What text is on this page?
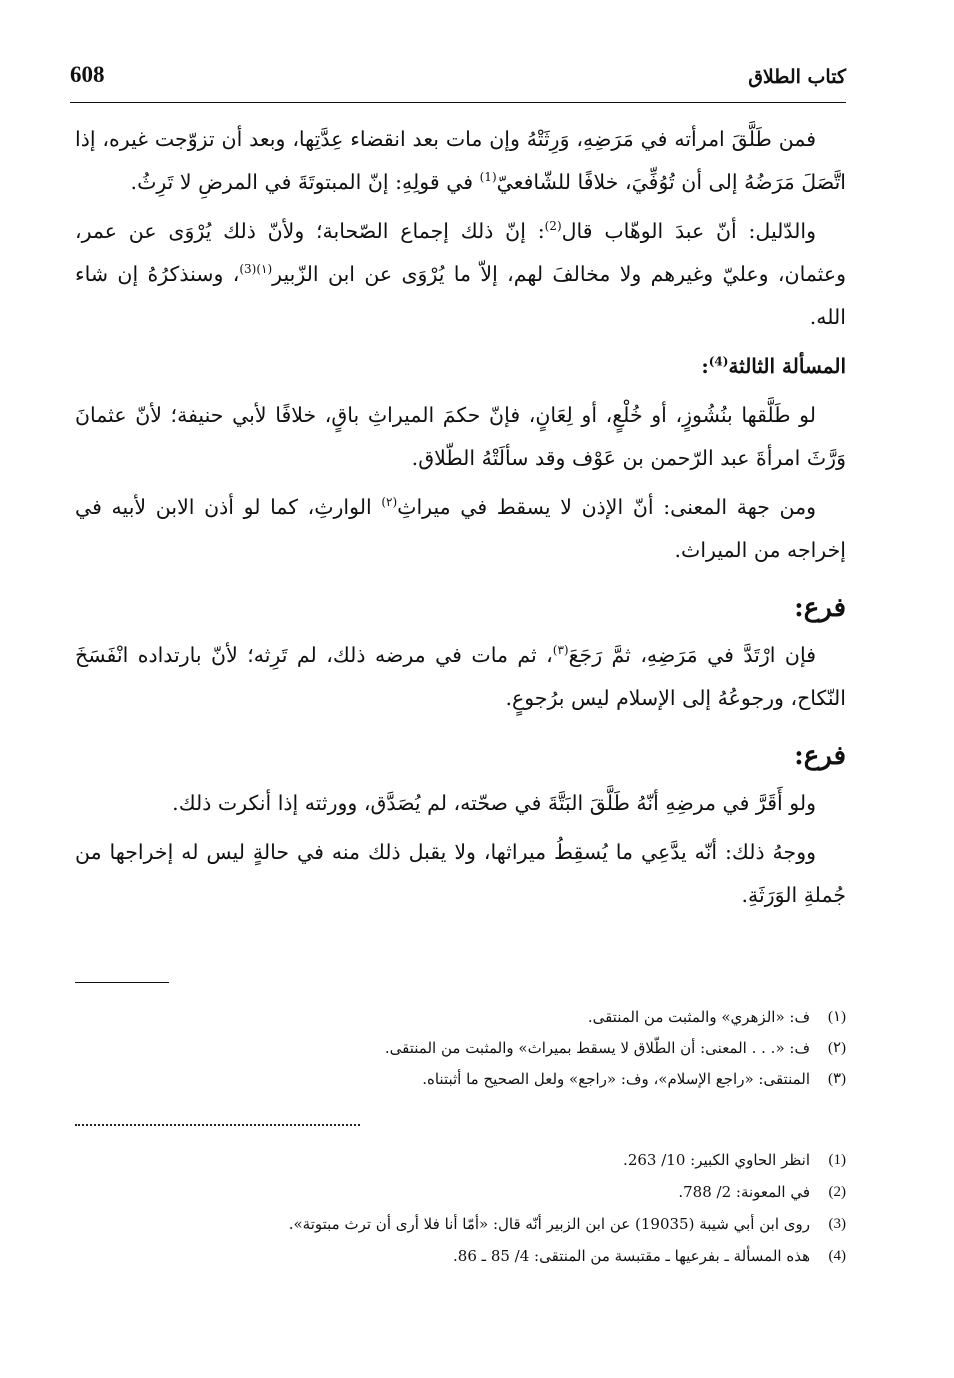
608	كتاب الطلاق

فمن طَلَّقَ امرأته في مَرَضِهِ، وَرِثَتْهُ وإن مات بعد انقضاء عِدَّتِها، وبعد أن تزوّجت غيره، إذا اتَّصَلَ مَرَضُهُ إلى أن تُوُفِّيَ، خلافًا للشّافعيّ$^{(1)}$ في قولِهِ: إنّ المبتوتَةَ في المرضِ لا تَرِثُ.

والدّليل: أنّ عبدَ الوهّاب قال$^{(2)}$: إنّ ذلك إجماع الصّحابة؛ ولأنّ ذلك يُرْوَى عن عمر، وعثمان، وعليّ وغيرهم ولا مخالفَ لهم، إلاّ ما يُرْوَى عن ابن الزّبير$^{(١)(3)}$، وسنذكرُهُ إن شاء الله.

المسألة الثالثة$^{(4)}$:

لو طَلَّقها بنُشُوزٍ، أو خُلْعٍ، أو لِعَانٍ، فإنّ حكمَ الميراثِ باقٍ، خلافًا لأبي حنيفة؛ لأنّ عثمانَ وَرَّثَ امرأةَ عبد الرّحمن بن عَوْف وقد سألَتْهُ الطّلاق.

ومن جهة المعنى: أنّ الإذن لا يسقط في ميراثِ$^{(٢)}$ الوارثِ، كما لو أذن الابن لأبيه في إخراجه من الميراث.

فرع:

فإن ارْتَدَّ في مَرَضِهِ، ثمَّ رَجَعَ$^{(٣)}$، ثم مات في مرضه ذلك، لم تَرِثه؛ لأنّ بارتداده انْفَسَخَ النّكاح، ورجوعُهُ إلى الإسلام ليس برُجوعٍ.

فرع:

ولو أَقَرَّ في مرضِهِ أنّهُ طَلَّقَ البَتَّةَ في صحّته، لم يُصَدَّق، وورثته إذا أنكرت ذلك.

ووجهُ ذلك: أنّه يدَّعِي ما يُسقِطُ ميراثها، ولا يقبل ذلك منه في حالةٍ ليس له إخراجها من جُملةِ الوَرَثَةِ.

(١)
ف: «الزهري» والمثبت من المنتقى.
(٢)
ف: «. . . المعنى: أن الطّلاق لا يسقط بميراث» والمثبت من المنتقى.
(٣)
المنتقى: «راجع الإسلام»، وف: «راجع» ولعل الصحيح ما أثبتناه.
(1)
انظر الحاوي الكبير: 10/ 263.
(2)
في المعونة: 2/ 788.
(3)
روى ابن أبي شيبة (19035) عن ابن الزبير أنّه قال: «أمّا أنا فلا أرى أن ترث مبتوتة».
(4)
هذه المسألة ـ بفرعيها ـ مقتبسة من المنتقى: 4/ 85 ـ 86.
